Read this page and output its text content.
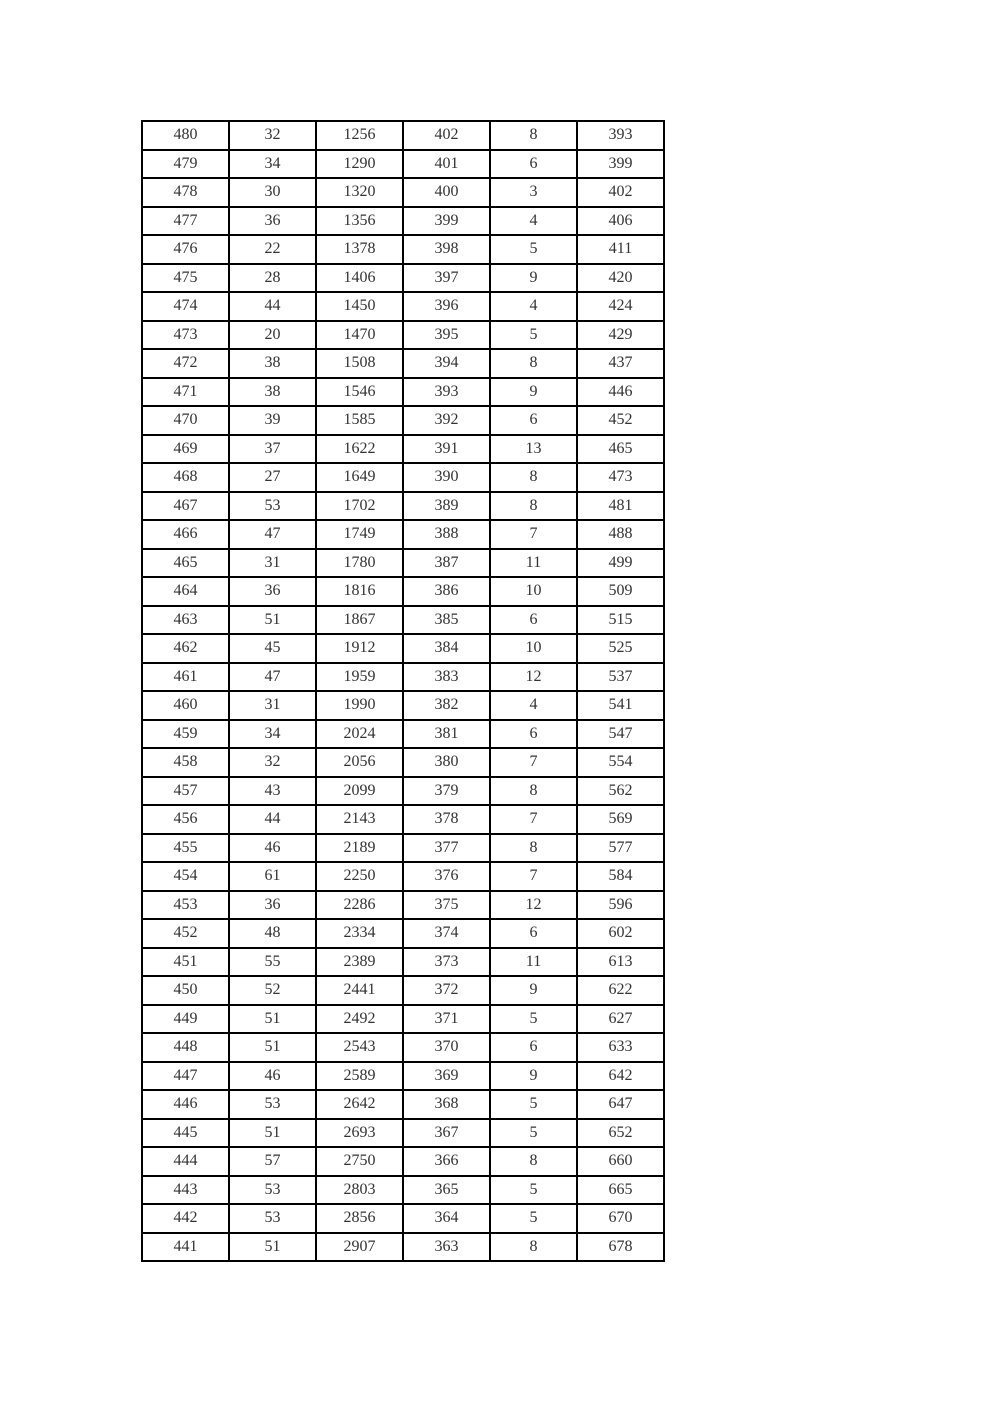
480	32	1256	402	8	393
479	34	1290	401	6	399
478	30	1320	400	3	402
477	36	1356	399	4	406
476	22	1378	398	5	411
475	28	1406	397	9	420
474	44	1450	396	4	424
473	20	1470	395	5	429
472	38	1508	394	8	437
471	38	1546	393	9	446
470	39	1585	392	6	452
469	37	1622	391	13	465
468	27	1649	390	8	473
467	53	1702	389	8	481
466	47	1749	388	7	488
465	31	1780	387	11	499
464	36	1816	386	10	509
463	51	1867	385	6	515
462	45	1912	384	10	525
461	47	1959	383	12	537
460	31	1990	382	4	541
459	34	2024	381	6	547
458	32	2056	380	7	554
457	43	2099	379	8	562
456	44	2143	378	7	569
455	46	2189	377	8	577
454	61	2250	376	7	584
453	36	2286	375	12	596
452	48	2334	374	6	602
451	55	2389	373	11	613
450	52	2441	372	9	622
449	51	2492	371	5	627
448	51	2543	370	6	633
447	46	2589	369	9	642
446	53	2642	368	5	647
445	51	2693	367	5	652
444	57	2750	366	8	660
443	53	2803	365	5	665
442	53	2856	364	5	670
441	51	2907	363	8	678
